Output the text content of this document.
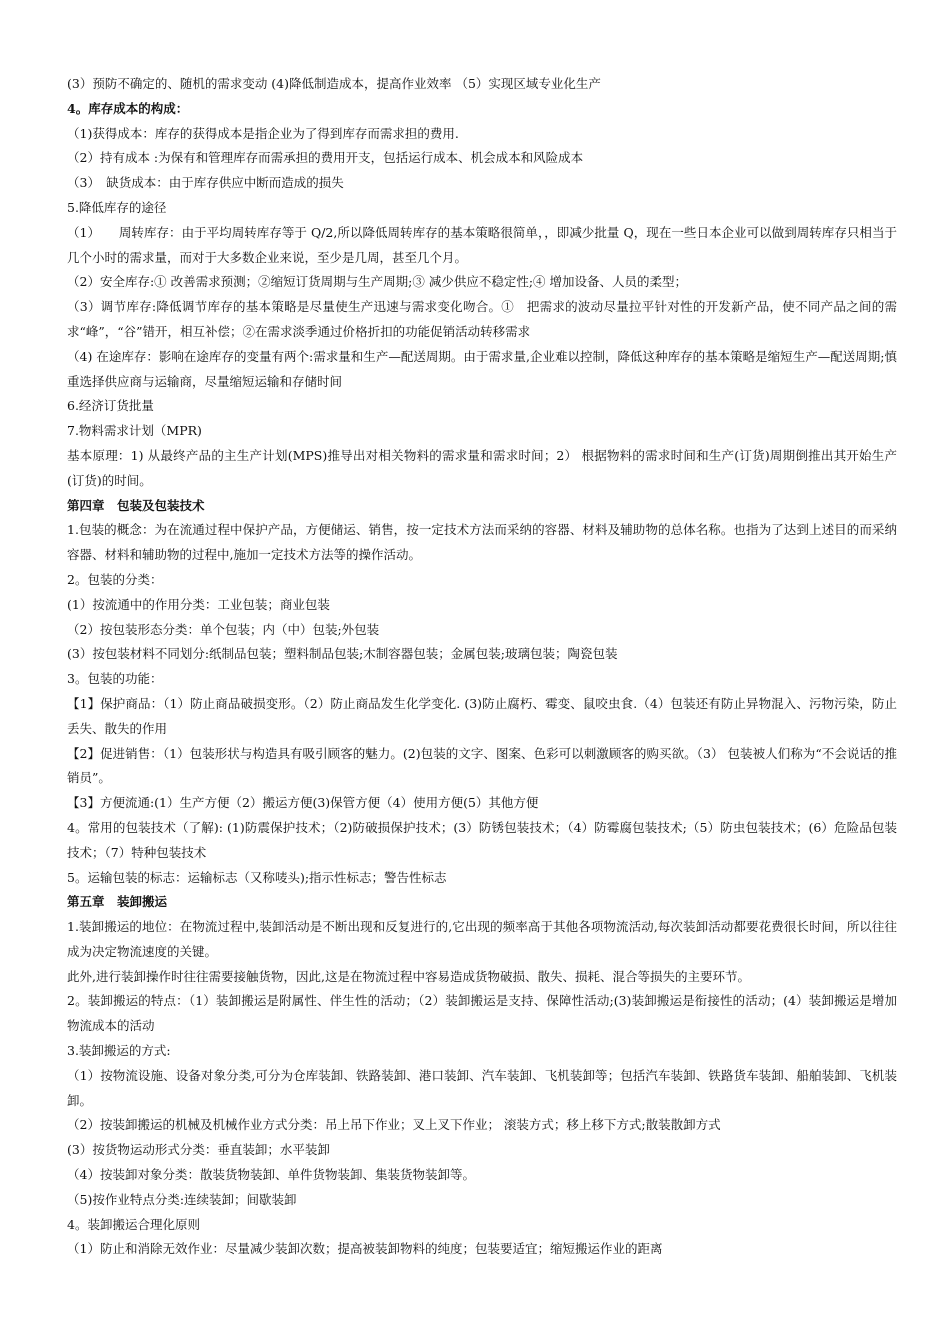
(3）预防不确定的、随机的需求变动 (4)降低制造成本，提高作业效率 （5）实现区域专业化生产

4。库存成本的构成：

（1)获得成本：库存的获得成本是指企业为了得到库存而需求担的费用.

（2）持有成本 :为保有和管理库存而需承担的费用开支，包括运行成本、机会成本和风险成本

（3）　缺货成本：由于库存供应中断而造成的损失

5.降低库存的途径

（1）　　周转库存：由于平均周转库存等于 Q/2,所以降低周转库存的基本策略很简单，，即减少批量 Q，现在一些日本企业可以做到周转库存只相当于几个小时的需求量，而对于大多数企业来说，至少是几周，甚至几个月。

（2）安全库存:① 改善需求预测；②缩短订货周期与生产周期;③ 减少供应不稳定性;④ 增加设备、人员的柔型；

（3）调节库存:降低调节库存的基本策略是尽量使生产迅速与需求变化吻合。①　把需求的波动尽量拉平针对性的开发新产品，使不同产品之间的需求“峰”，“谷”错开，相互补偿；②在需求淡季通过价格折扣的功能促销活动转移需求

（4) 在途库存：影响在途库存的变量有两个:需求量和生产—配送周期。由于需求量,企业难以控制，降低这种库存的基本策略是缩短生产—配送周期;慎重选择供应商与运输商，尽量缩短运输和存储时间

6.经济订货批量

7.物料需求计划（MPR)

基本原理：1) 从最终产品的主生产计划(MPS)推导出对相关物料的需求量和需求时间；2） 根据物料的需求时间和生产(订货)周期倒推出其开始生产(订货)的时间。

第四章　包装及包装技术

1.包装的概念：为在流通过程中保护产品，方便储运、销售，按一定技术方法而采纳的容器、材料及辅助物的总体名称。也指为了达到上述目的而采纳容器、材料和辅助物的过程中,施加一定技术方法等的操作活动。

2。包装的分类：

(1）按流通中的作用分类：工业包装；商业包装

（2）按包装形态分类：单个包装；内（中）包装;外包装

(3）按包装材料不同划分:纸制品包装；塑料制品包装;木制容器包装；金属包装;玻璃包装；陶瓷包装

3。包装的功能：

【1】保护商品：（1）防止商品破损变形。（2）防止商品发生化学变化. (3)防止腐朽、霉变、鼠咬虫食.（4）包装还有防止异物混入、污物污染，防止丢失、散失的作用

【2】促进销售：（1）包装形状与构造具有吸引顾客的魅力。(2)包装的文字、图案、色彩可以刺激顾客的购买欲。（3） 包装被人们称为“不会说话的推销员”。

【3】方便流通:(1）生产方便（2）搬运方便(3)保管方便（4）使用方便(5）其他方便

4。常用的包装技术（了解): (1)防震保护技术；（2)防破损保护技术；(3）防锈包装技术；（4）防霉腐包装技术;（5）防虫包装技术；(6）危险品包装技术；（7）特种包装技术

5。运输包装的标志：运输标志（又称唛头);指示性标志；警告性标志

第五章　装卸搬运

1.装卸搬运的地位：在物流过程中,装卸活动是不断出现和反复进行的,它出现的频率高于其他各项物流活动,每次装卸活动都要花费很长时间，所以往往成为决定物流速度的关键。

此外,进行装卸操作时往往需要接触货物，因此,这是在物流过程中容易造成货物破损、散失、损耗、混合等损失的主要环节。

2。装卸搬运的特点：（1）装卸搬运是附属性、伴生性的活动；（2）装卸搬运是支持、保障性活动;(3)装卸搬运是衔接性的活动；(4）装卸搬运是增加物流成本的活动

3.装卸搬运的方式:

（1）按物流设施、设备对象分类,可分为仓库装卸、铁路装卸、港口装卸、汽车装卸、飞机装卸等；包括汽车装卸、铁路货车装卸、船舶装卸、飞机装卸。

（2）按装卸搬运的机械及机械作业方式分类：吊上吊下作业；叉上叉下作业； 滚装方式；移上移下方式;散装散卸方式

(3）按货物运动形式分类：垂直装卸；水平装卸

（4）按装卸对象分类：散装货物装卸、单件货物装卸、集装货物装卸等。

（5)按作业特点分类:连续装卸；间歇装卸

4。装卸搬运合理化原则

（1）防止和消除无效作业：尽量减少装卸次数；提高被装卸物料的纯度；包装要适宜；缩短搬运作业的距离
